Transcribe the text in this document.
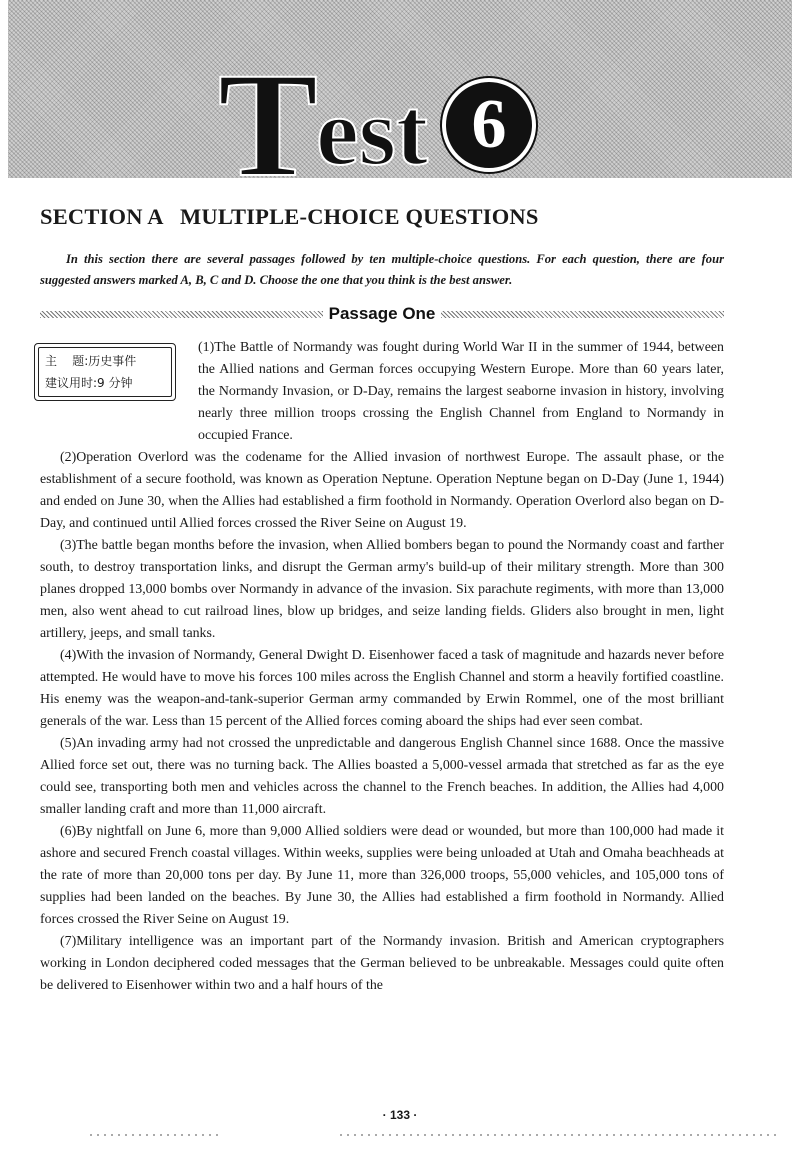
T est 6
SECTION A   MULTIPLE-CHOICE QUESTIONS

In this section there are several passages followed by ten multiple-choice questions. For each question, there are four suggested answers marked A, B, C and D. Choose the one that you think is the best answer.

Passage One
主    题:历史事件
建议用时:9 分钟

(1)The Battle of Normandy was fought during World War II in the summer of 1944, between the Allied nations and German forces occupying Western Europe. More than 60 years later, the Normandy Invasion, or D-Day, remains the largest seaborne invasion in history, involving nearly three million troops crossing the English Channel from England to Normandy in occupied France.

(2)Operation Overlord was the codename for the Allied invasion of northwest Europe. The assault phase, or the establishment of a secure foothold, was known as Operation Neptune. Operation Neptune began on D-Day (June 1, 1944) and ended on June 30, when the Allies had established a firm foothold in Normandy. Operation Overlord also began on D-Day, and continued until Allied forces crossed the River Seine on August 19.

(3)The battle began months before the invasion, when Allied bombers began to pound the Normandy coast and farther south, to destroy transportation links, and disrupt the German army's build-up of their military strength. More than 300 planes dropped 13,000 bombs over Normandy in advance of the invasion. Six parachute regiments, with more than 13,000 men, also went ahead to cut railroad lines, blow up bridges, and seize landing fields. Gliders also brought in men, light artillery, jeeps, and small tanks.

(4)With the invasion of Normandy, General Dwight D. Eisenhower faced a task of magnitude and hazards never before attempted. He would have to move his forces 100 miles across the English Channel and storm a heavily fortified coastline. His enemy was the weapon-and-tank-superior German army commanded by Erwin Rommel, one of the most brilliant generals of the war. Less than 15 percent of the Allied forces coming aboard the ships had ever seen combat.

(5)An invading army had not crossed the unpredictable and dangerous English Channel since 1688. Once the massive Allied force set out, there was no turning back. The Allies boasted a 5,000-vessel armada that stretched as far as the eye could see, transporting both men and vehicles across the channel to the French beaches. In addition, the Allies had 4,000 smaller landing craft and more than 11,000 aircraft.

(6)By nightfall on June 6, more than 9,000 Allied soldiers were dead or wounded, but more than 100,000 had made it ashore and secured French coastal villages. Within weeks, supplies were being unloaded at Utah and Omaha beachheads at the rate of more than 20,000 tons per day. By June 11, more than 326,000 troops, 55,000 vehicles, and 105,000 tons of supplies had been landed on the beaches. By June 30, the Allies had established a firm foothold in Normandy. Allied forces crossed the River Seine on August 19.

(7)Military intelligence was an important part of the Normandy invasion. British and American cryptographers working in London deciphered coded messages that the German believed to be unbreakable. Messages could quite often be delivered to Eisenhower within two and a half hours of the

· 133 ·
